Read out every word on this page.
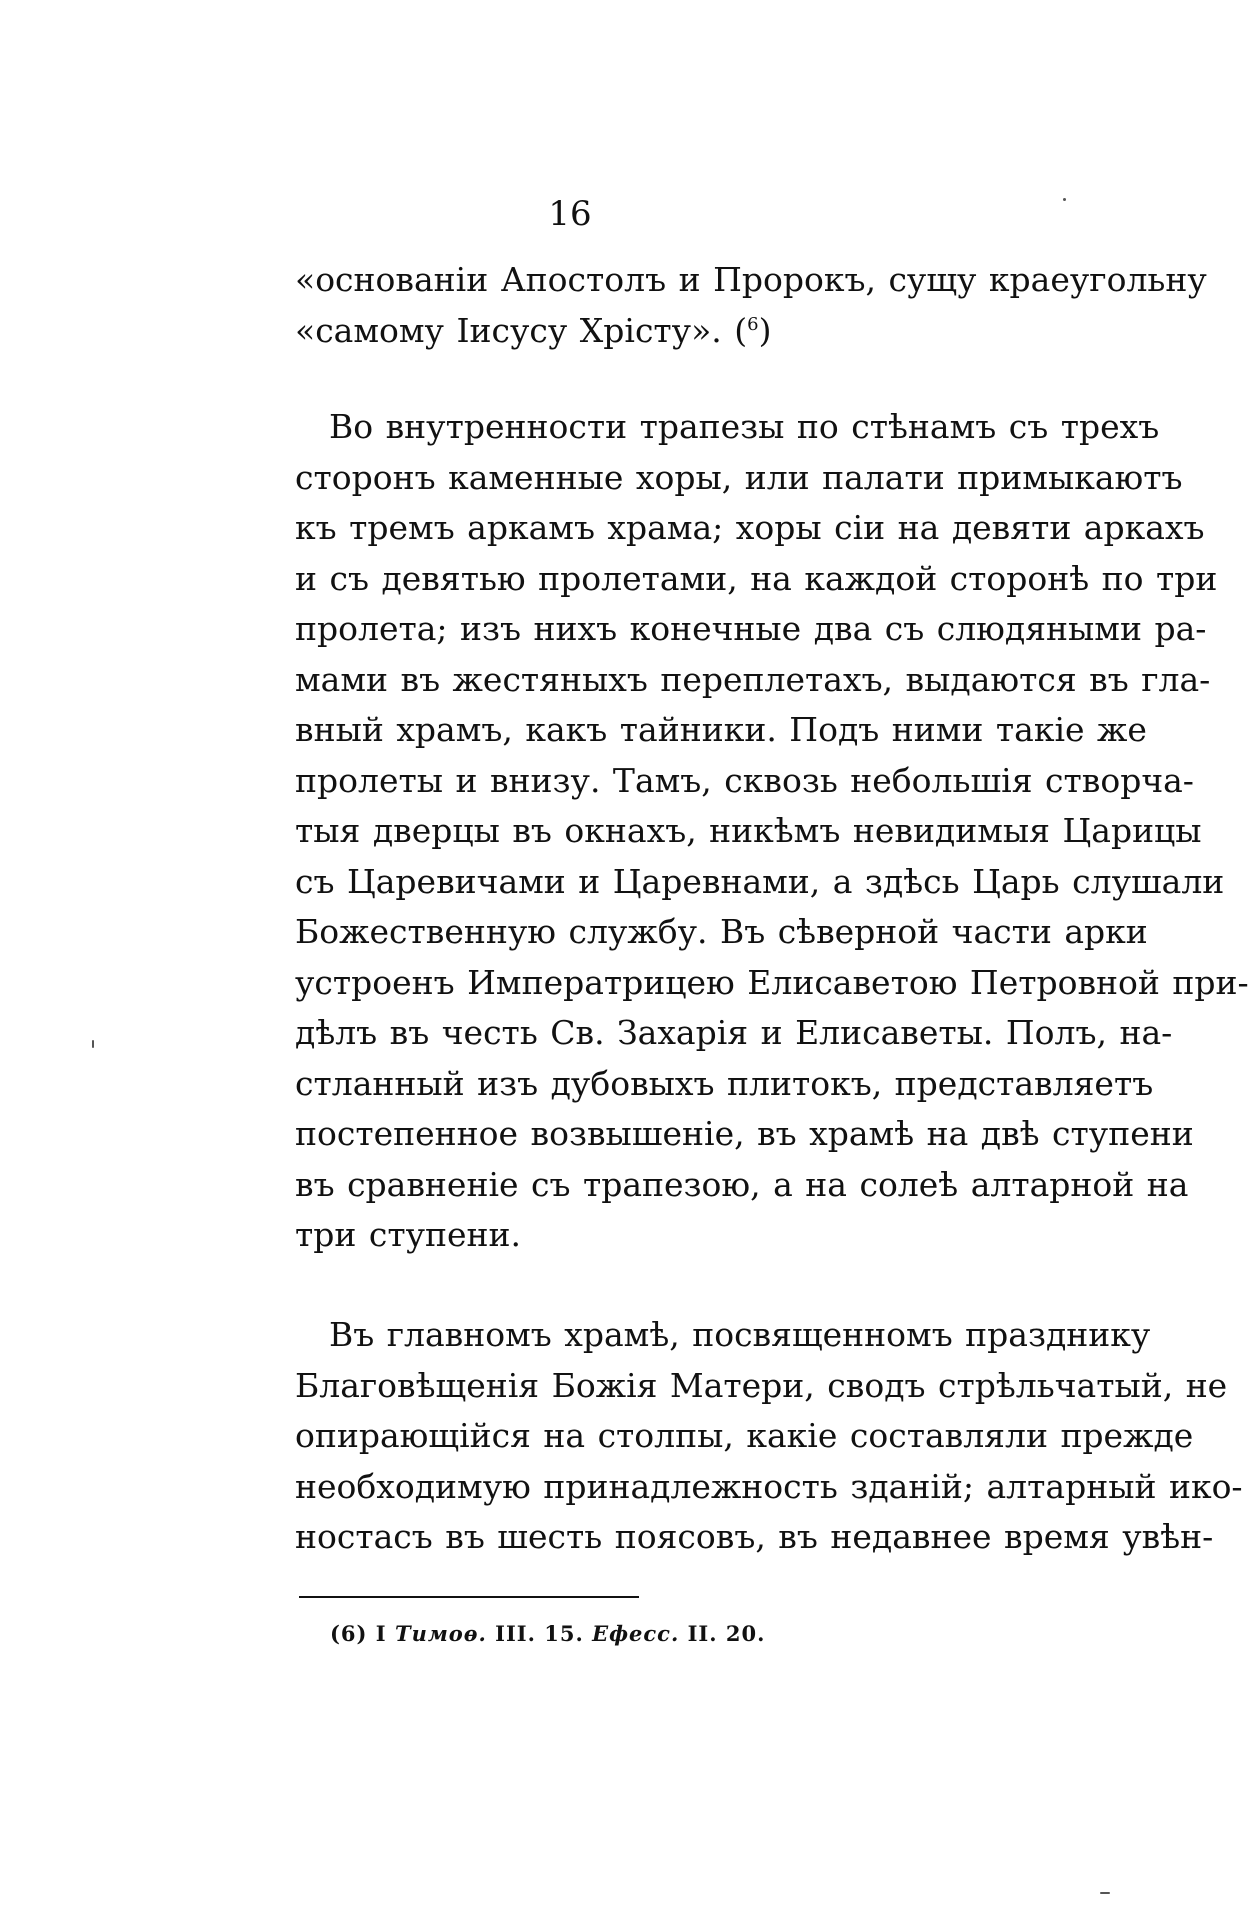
16
«основаніи Апостолъ и Пророкъ, сущу краеугольну
«самому Іисусу Хрісту». ($^6$)
Во внутренности трапезы по стѣнамъ съ трехъ
сторонъ каменные хоры, или палати примыкаютъ
къ тремъ аркамъ храма; хоры сіи на девяти аркахъ
и съ девятью пролетами, на каждой сторонѣ по три
пролета; изъ нихъ конечные два съ слюдяными ра-
мами въ жестяныхъ переплетахъ, выдаются въ гла-
вный храмъ, какъ тайники. Подъ ними такіе же
пролеты и внизу. Тамъ, сквозь небольшія створча-
тыя дверцы въ окнахъ, никѣмъ невидимыя Царицы
съ Царевичами и Царевнами, а здѣсь Царь слушали
Божественную службу. Въ сѣверной части арки
устроенъ Императрицею Елисаветою Петровной при-
дѣлъ въ честь Св. Захарія и Елисаветы. Полъ, на-
стланный изъ дубовыхъ плитокъ, представляетъ
постепенное возвышеніе, въ храмѣ на двѣ ступени
въ сравненіе съ трапезою, а на солеѣ алтарной на
три ступени.
Въ главномъ храмѣ, посвященномъ празднику
Благовѣщенія Божія Матери, сводъ стрѣльчатый, не
опирающійся на столпы, какіе составляли прежде
необходимую принадлежность зданій; алтарный ико-
ностасъ въ шесть поясовъ, въ недавнее время увѣн-
(6) I Тимоѳ. III. 15. Ефесс. II. 20.
